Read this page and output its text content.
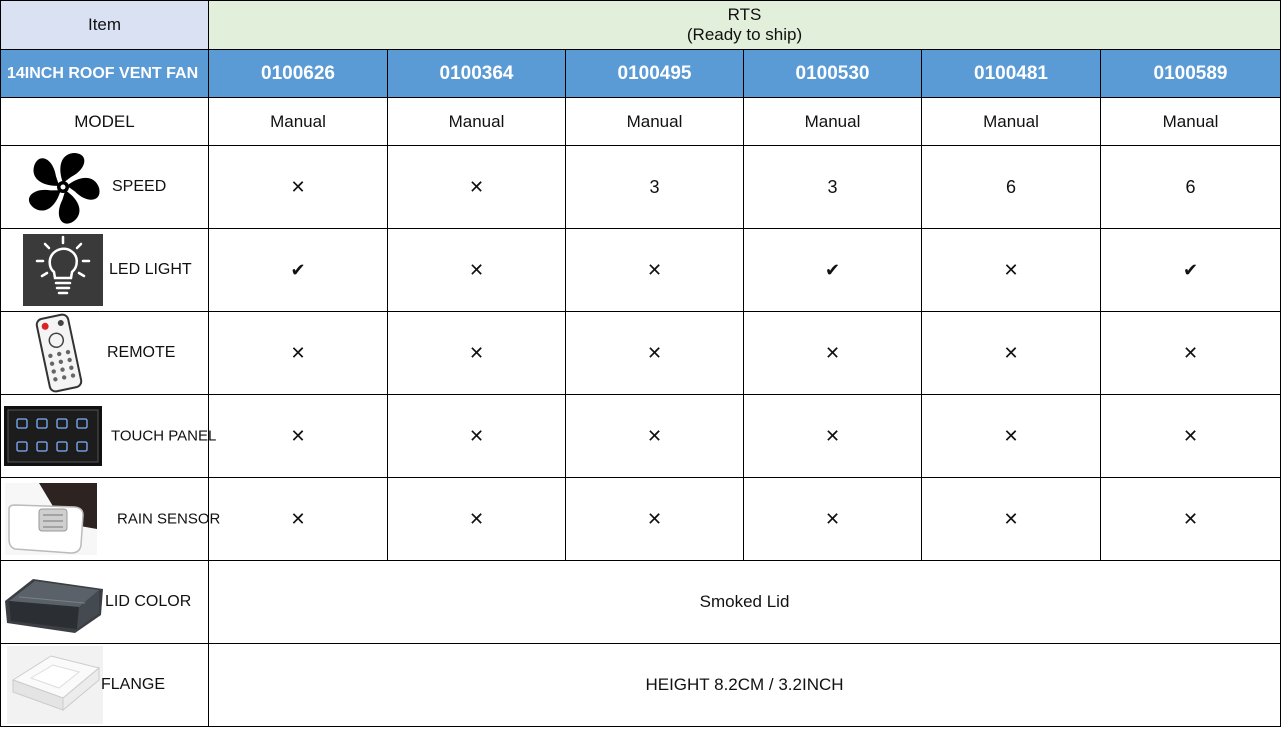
Item	RTS
(Ready to ship)					

14INCH ROOF VENT FAN	0100626	0100364	0100495	0100530	0100481	0100589
MODEL	Manual	Manual	Manual	Manual	Manual	Manual

SPEED	✕	✕	3	3	6	6

LED LIGHT	✔	✕	✕	✔	✕	✔

REMOTE	✕	✕	✕	✕	✕	✕

TOUCH PANEL	✕	✕	✕	✕	✕	✕

RAIN SENSOR	✕	✕	✕	✕	✕	✕

LID COLOR	Smoked Lid					

FLANGE	HEIGHT 8.2CM / 3.2INCH					
